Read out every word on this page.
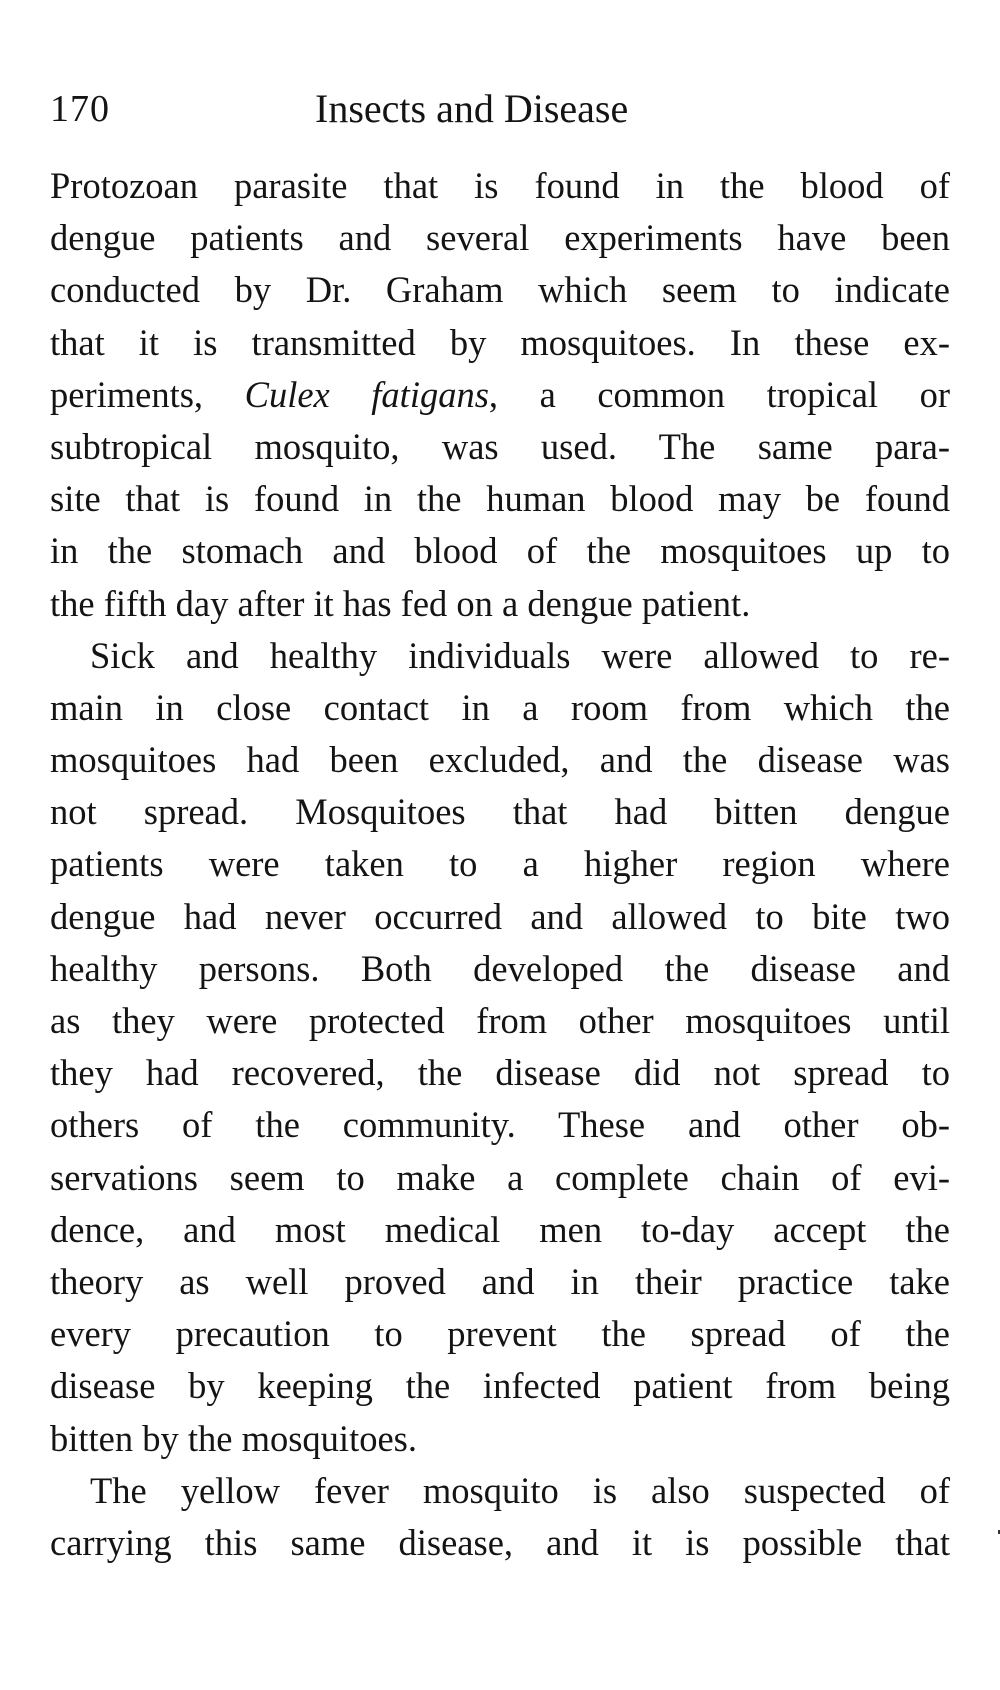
170	Insects and Disease
Protozoan parasite that is found in the blood of
dengue patients and several experiments have been
conducted by Dr. Graham which seem to indicate
that it is transmitted by mosquitoes. In these ex-
periments, Culex fatigans, a common tropical or
subtropical mosquito, was used. The same para-
site that is found in the human blood may be found
in the stomach and blood of the mosquitoes up to
the fifth day after it has fed on a dengue patient.
Sick and healthy individuals were allowed to re-
main in close contact in a room from which the
mosquitoes had been excluded, and the disease was
not spread. Mosquitoes that had bitten dengue
patients were taken to a higher region where
dengue had never occurred and allowed to bite two
healthy persons. Both developed the disease and
as they were protected from other mosquitoes until
they had recovered, the disease did not spread to
others of the community. These and other ob-
servations seem to make a complete chain of evi-
dence, and most medical men to-day accept the
theory as well proved and in their practice take
every precaution to prevent the spread of the
disease by keeping the infected patient from being
bitten by the mosquitoes.
The yellow fever mosquito is also suspected of
carrying this same disease, and it is possible that
